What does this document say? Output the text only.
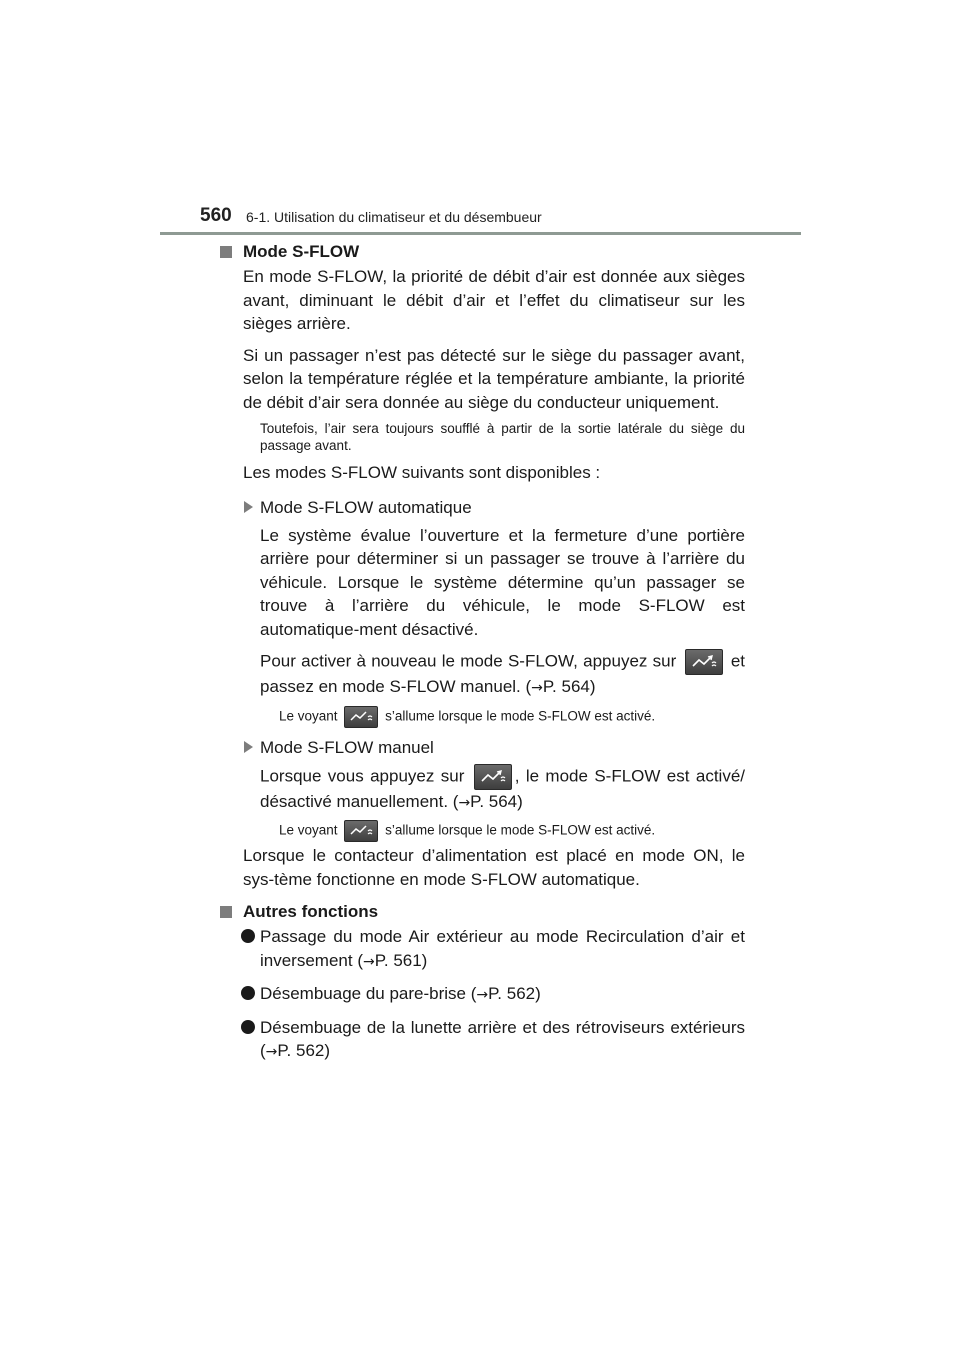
560 6-1. Utilisation du climatiseur et du désembueur
Mode S-FLOW

En mode S-FLOW, la priorité de débit d’air est donnée aux sièges avant, diminuant le débit d’air et l’effet du climatiseur sur les sièges arrière.

Si un passager n’est pas détecté sur le siège du passager avant, selon la température réglée et la température ambiante, la priorité de débit d’air sera donnée au siège du conducteur uniquement.

Toutefois, l’air sera toujours soufflé à partir de la sortie latérale du siège du passage avant.

Les modes S-FLOW suivants sont disponibles :

Mode S-FLOW automatique

Le système évalue l’ouverture et la fermeture d’une portière arrière pour déterminer si un passager se trouve à l’arrière du véhicule. Lorsque le système détermine qu’un passager se trouve à l’arrière du véhicule, le mode S-FLOW est automatique-ment désactivé.

Pour activer à nouveau le mode S-FLOW, appuyez sur	et passez en mode S-FLOW manuel. (→P. 564)

Le voyant	s’allume lorsque le mode S-FLOW est activé.

Mode S-FLOW manuel

Lorsque vous appuyez sur	, le mode S-FLOW est activé/ désactivé manuellement. (→P. 564)

Le voyant	s’allume lorsque le mode S-FLOW est activé.

Lorsque le contacteur d’alimentation est placé en mode ON, le sys-tème fonctionne en mode S-FLOW automatique.

Autres fonctions
Passage du mode Air extérieur au mode Recirculation d’air et inversement (→P. 561)
Désembuage du pare-brise (→P. 562)
Désembuage de la lunette arrière et des rétroviseurs extérieurs (→P. 562)
